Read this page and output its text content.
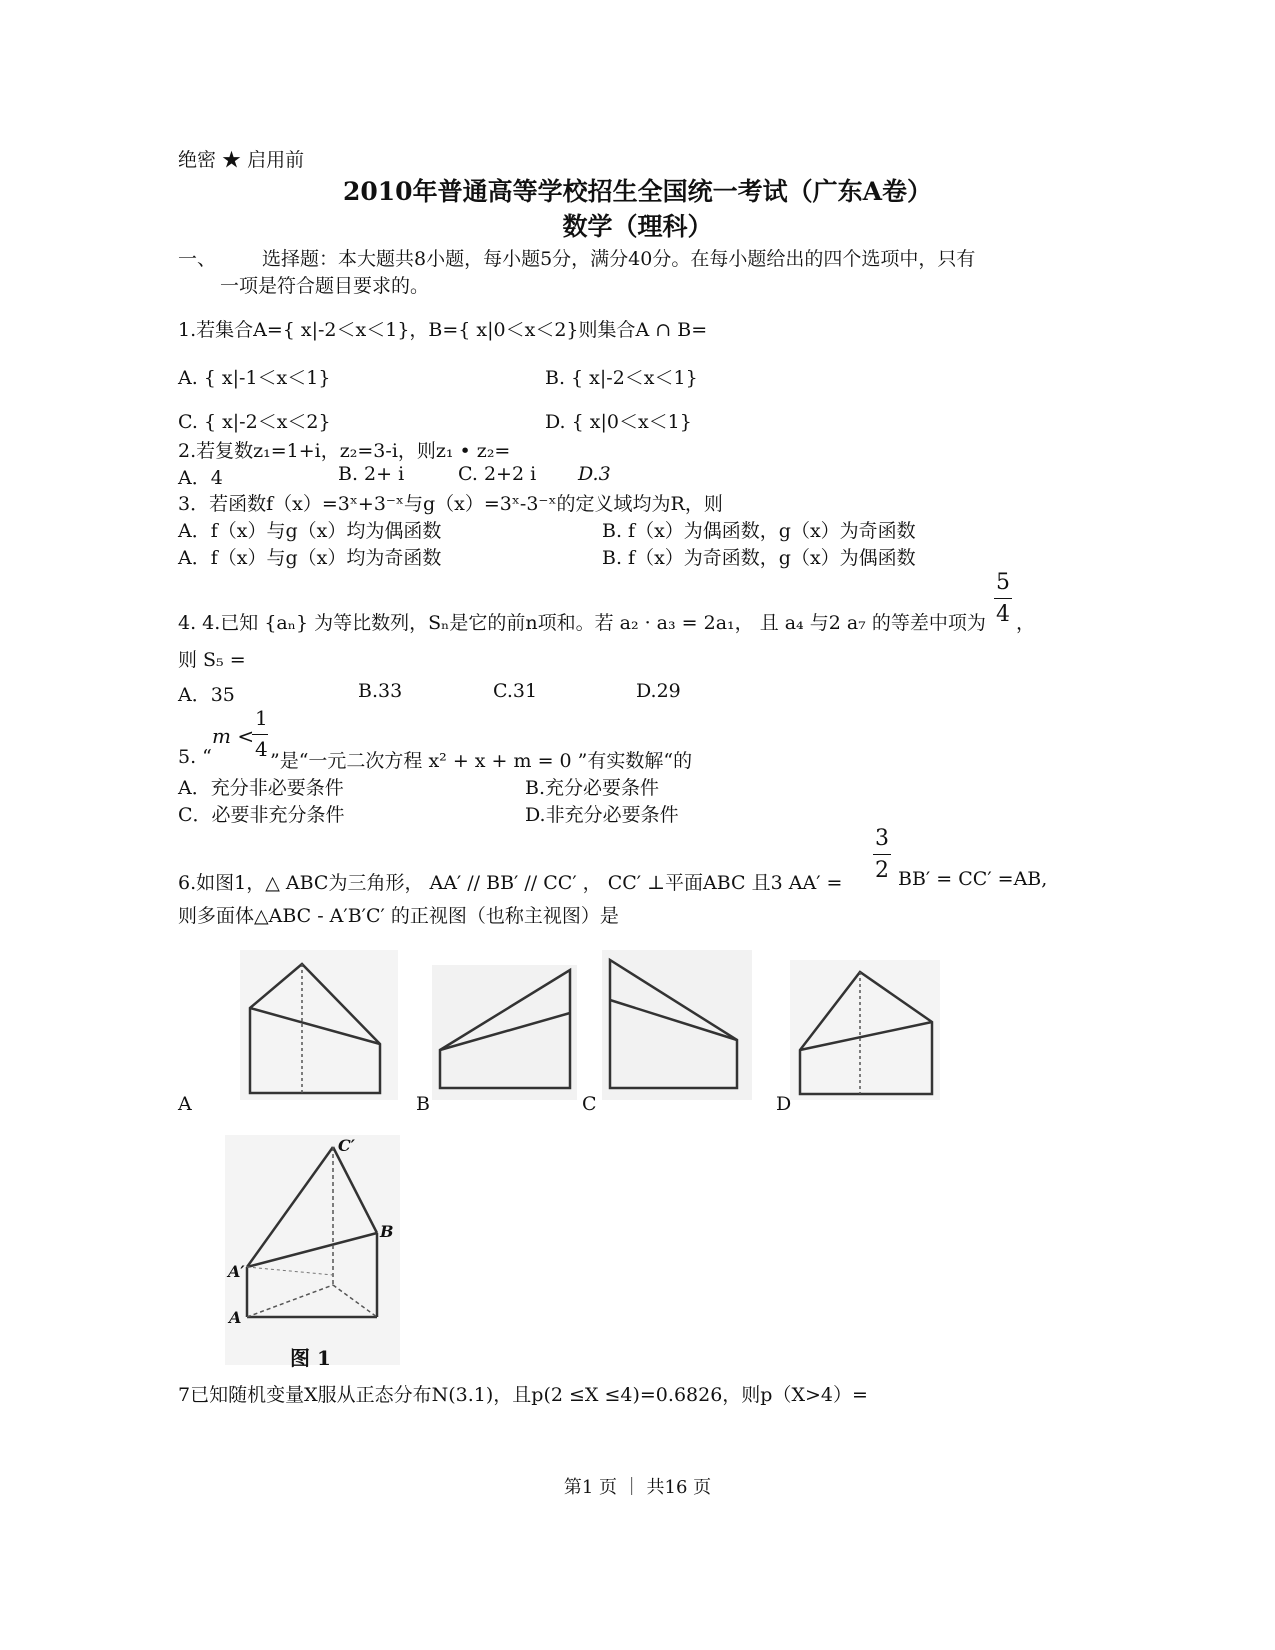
绝密 ★ 启用前
2010年普通高等学校招生全国统一考试（广东A卷）
数学（理科）
一、 选择题：本大题共8小题，每小题5分，满分40分。在每小题给出的四个选项中，只有
一项是符合题目要求的。
1.若集合A={ x|-2＜x＜1}，B={ x|0＜x＜2}则集合A ∩ B=
A. { x|-1＜x＜1}	B. { x|-2＜x＜1}
C. { x|-2＜x＜2}	D. { x|0＜x＜1}
2.若复数z₁=1+i，z₂=3-i，则z₁ • z₂=
A．4	B. 2+ i	C. 2+2 i D.3
3．若函数f（x）=3ˣ+3⁻ˣ与g（x）=3ˣ-3⁻ˣ的定义域均为R，则
A．f（x）与g（x）均为偶函数	B. f（x）为偶函数，g（x）为奇函数
A．f（x）与g（x）均为奇函数	B. f（x）为奇函数，g（x）为偶函数
5
4
4. 4.已知 {aₙ} 为等比数列，Sₙ是它的前n项和。若 a₂ · a₃ = 2a₁， 且 a₄ 与2 a₇ 的等差中项为 ，
则 S₅ =
A．35	B.33	C.31	D.29
m <
1
4
5. “	”是“一元二次方程 x² + x + m = 0 ”有实数解“的
A．充分非必要条件	B.充分必要条件
C．必要非充分条件	D.非充分必要条件
3
2
6.如图1，△ ABC为三角形， AA′ // BB′ // CC′ ， CC′ ⊥平面ABC 且3 AA′ =	BB′ = CC′ =AB,
则多面体△ABC - A′B′C′ 的正视图（也称主视图）是
A	B	C	D
C′
B
A′
A
图 1
7已知随机变量X服从正态分布N(3.1)，且p(2 ≤X ≤4)=0.6826，则p（X>4）=
第1 页 ｜ 共16 页
